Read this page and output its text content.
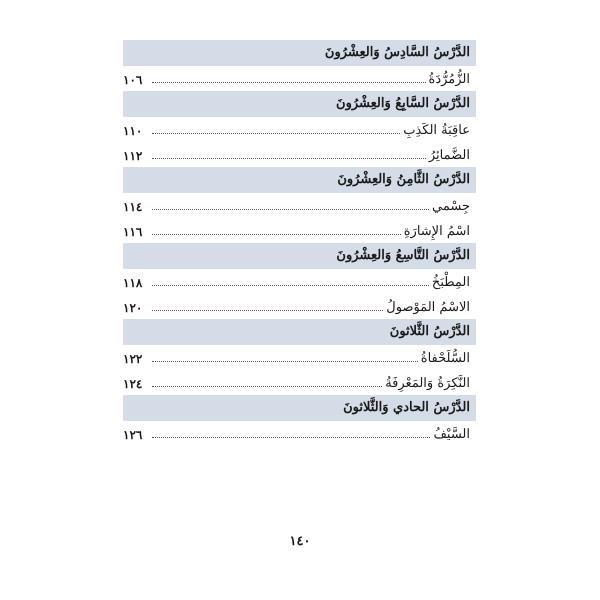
الدَّرْسُ السَّادِسُ وَالعِشْرُونَ
الزُّمُرُّدَةُ
١٠٦
الدَّرْسُ السَّابِعُ وَالعِشْرُونَ
عاقِبَةُ الكَذِبِ
١١٠
الضَّمائِرُ
١١٢
الدَّرْسُ الثَّامِنُ وَالعِشْرُونَ
جِسْمي
١١٤
اسْمُ الإِشارَةِ
١١٦
الدَّرْسُ التَّاسِعُ وَالعِشْرُونَ
المِطْبَخُ
١١٨
الاسْمُ المَوْصولُ
١٢٠
الدَّرْسُ الثَّلاثونَ
السُّلَحْفاةُ
١٢٢
النَّكِرَةُ وَالمَعْرِفَةُ
١٢٤
الدَّرْسُ الحادي وَالثَّلاثونَ
السَّيْفُ
١٢٦
١٤٠
